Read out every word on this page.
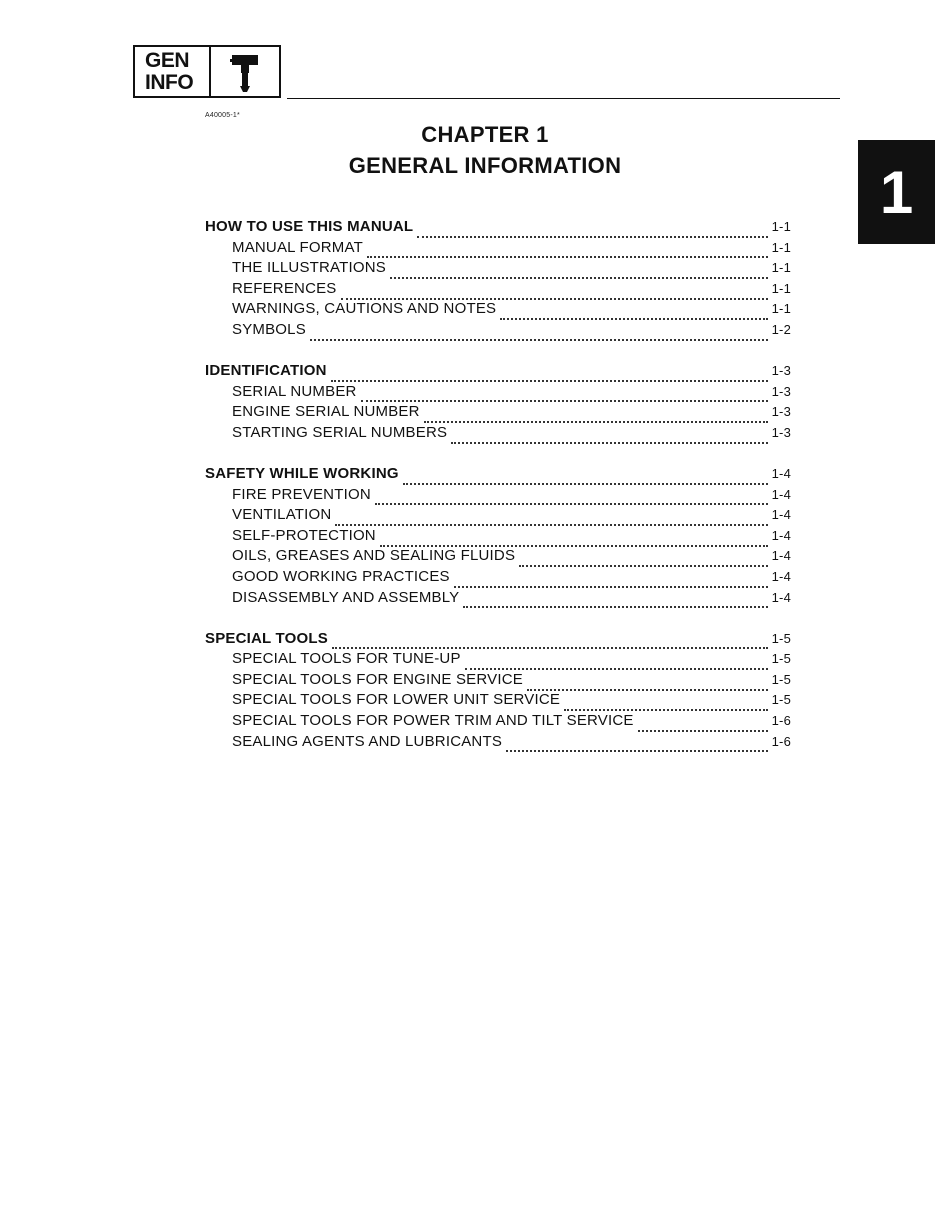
GEN
INFO
A40005-1*
CHAPTER 1
GENERAL INFORMATION	1
HOW TO USE THIS MANUAL	1-1
MANUAL FORMAT	1-1
THE ILLUSTRATIONS	1-1
REFERENCES	1-1
WARNINGS, CAUTIONS AND NOTES	1-1
SYMBOLS	1-2
IDENTIFICATION	1-3
SERIAL NUMBER	1-3
ENGINE SERIAL NUMBER	1-3
STARTING SERIAL NUMBERS	1-3
SAFETY WHILE WORKING	1-4
FIRE PREVENTION	1-4
VENTILATION	1-4
SELF-PROTECTION	1-4
OILS, GREASES AND SEALING FLUIDS	1-4
GOOD WORKING PRACTICES	1-4
DISASSEMBLY AND ASSEMBLY	1-4
SPECIAL TOOLS	1-5
SPECIAL TOOLS FOR TUNE-UP	1-5
SPECIAL TOOLS FOR ENGINE SERVICE	1-5
SPECIAL TOOLS FOR LOWER UNIT SERVICE	1-5
SPECIAL TOOLS FOR POWER TRIM AND TILT SERVICE	1-6
SEALING AGENTS AND LUBRICANTS	1-6
